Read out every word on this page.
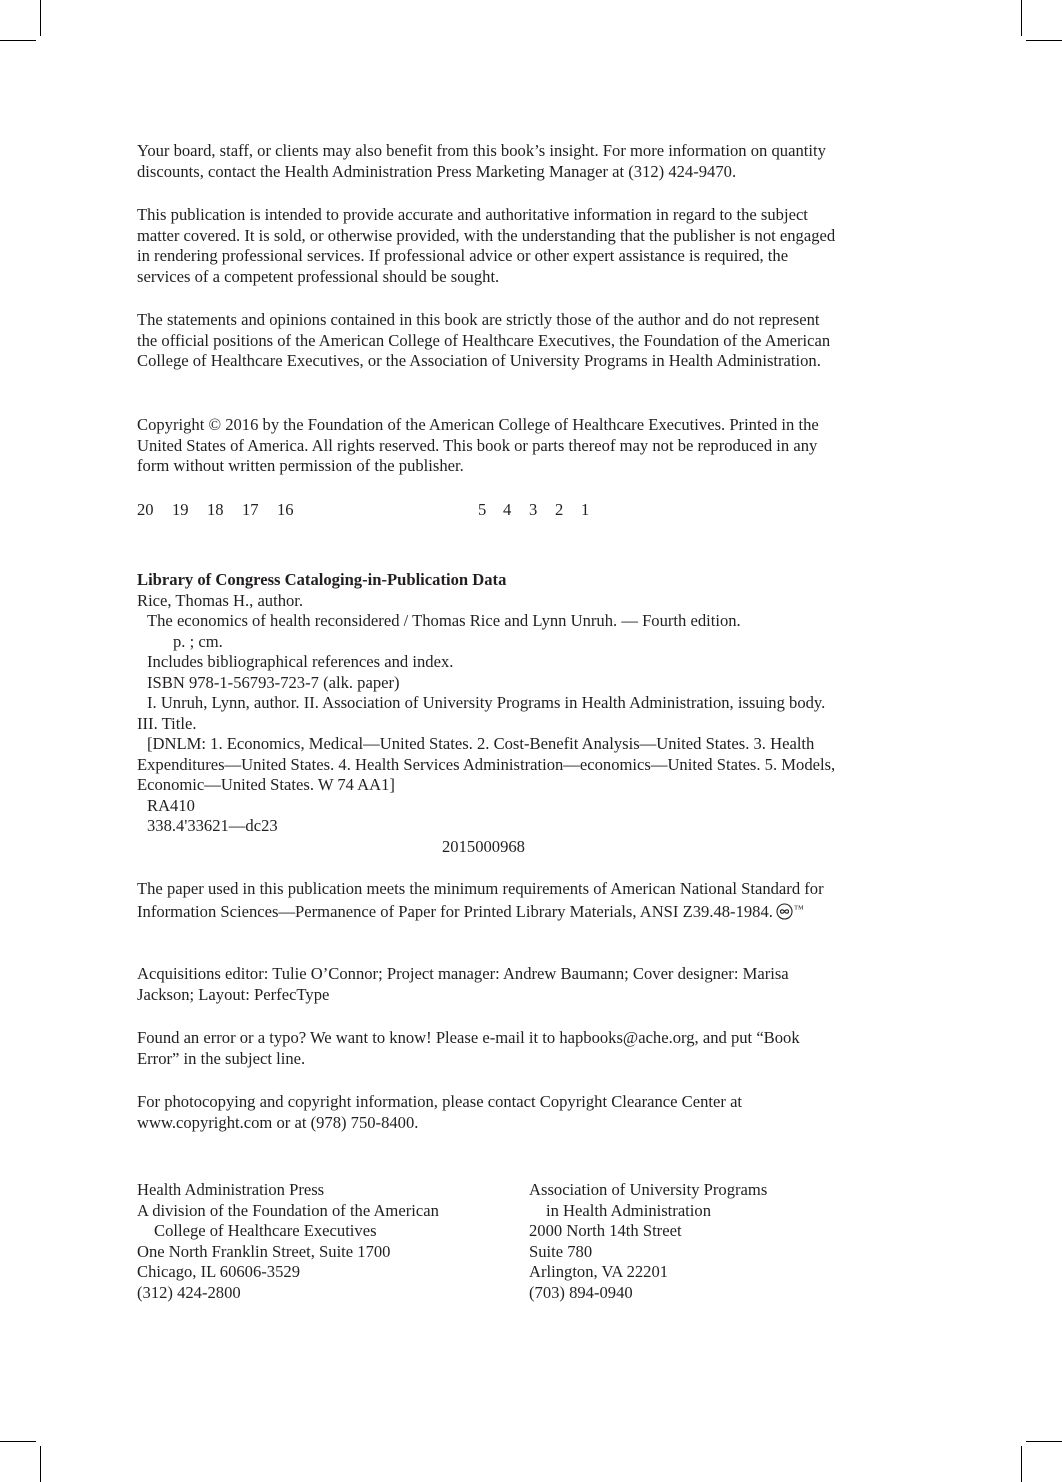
Your board, staff, or clients may also benefit from this book’s insight. For more information on quantity discounts, contact the Health Administration Press Marketing Manager at (312) 424-9470.

This publication is intended to provide accurate and authoritative information in regard to the subject matter covered. It is sold, or otherwise provided, with the understanding that the publisher is not engaged in rendering professional services. If professional advice or other expert assistance is required, the services of a competent professional should be sought.

The statements and opinions contained in this book are strictly those of the author and do not represent the official positions of the American College of Healthcare Executives, the Foundation of the American College of Healthcare Executives, or the Association of University Programs in Health Administration.

Copyright © 2016 by the Foundation of the American College of Healthcare Executives. Printed in the United States of America. All rights reserved. This book or parts thereof may not be reproduced in any form without written permission of the publisher.

20 19 18 17 16	5 4 3 2 1
Library of Congress Cataloging-in-Publication Data
Rice, Thomas H., author.
The economics of health reconsidered / Thomas Rice and Lynn Unruh. — Fourth edition.
p. ; cm.
Includes bibliographical references and index.
ISBN 978-1-56793-723-7 (alk. paper)
I. Unruh, Lynn, author. II. Association of University Programs in Health Administration, issuing body. III. Title.
[DNLM: 1. Economics, Medical—United States. 2. Cost-Benefit Analysis—United States. 3. Health Expenditures—United States. 4. Health Services Administration—economics—United States. 5. Models, Economic—United States. W 74 AA1]
RA410
338.4'33621—dc23
2015000968

The paper used in this publication meets the minimum requirements of American National Standard for Information Sciences—Permanence of Paper for Printed Library Materials, ANSI Z39.48-1984. ™

Acquisitions editor: Tulie O’Connor; Project manager: Andrew Baumann; Cover designer: Marisa Jackson; Layout: PerfecType

Found an error or a typo? We want to know! Please e-mail it to hapbooks@ache.org, and put “Book Error” in the subject line.

For photocopying and copyright information, please contact Copyright Clearance Center at www.copyright.com or at (978) 750-8400.

Health Administration Press
A division of the Foundation of the American
College of Healthcare Executives
One North Franklin Street, Suite 1700
Chicago, IL 60606-3529
(312) 424-2800
Association of University Programs
in Health Administration
2000 North 14th Street
Suite 780
Arlington, VA 22201
(703) 894-0940
